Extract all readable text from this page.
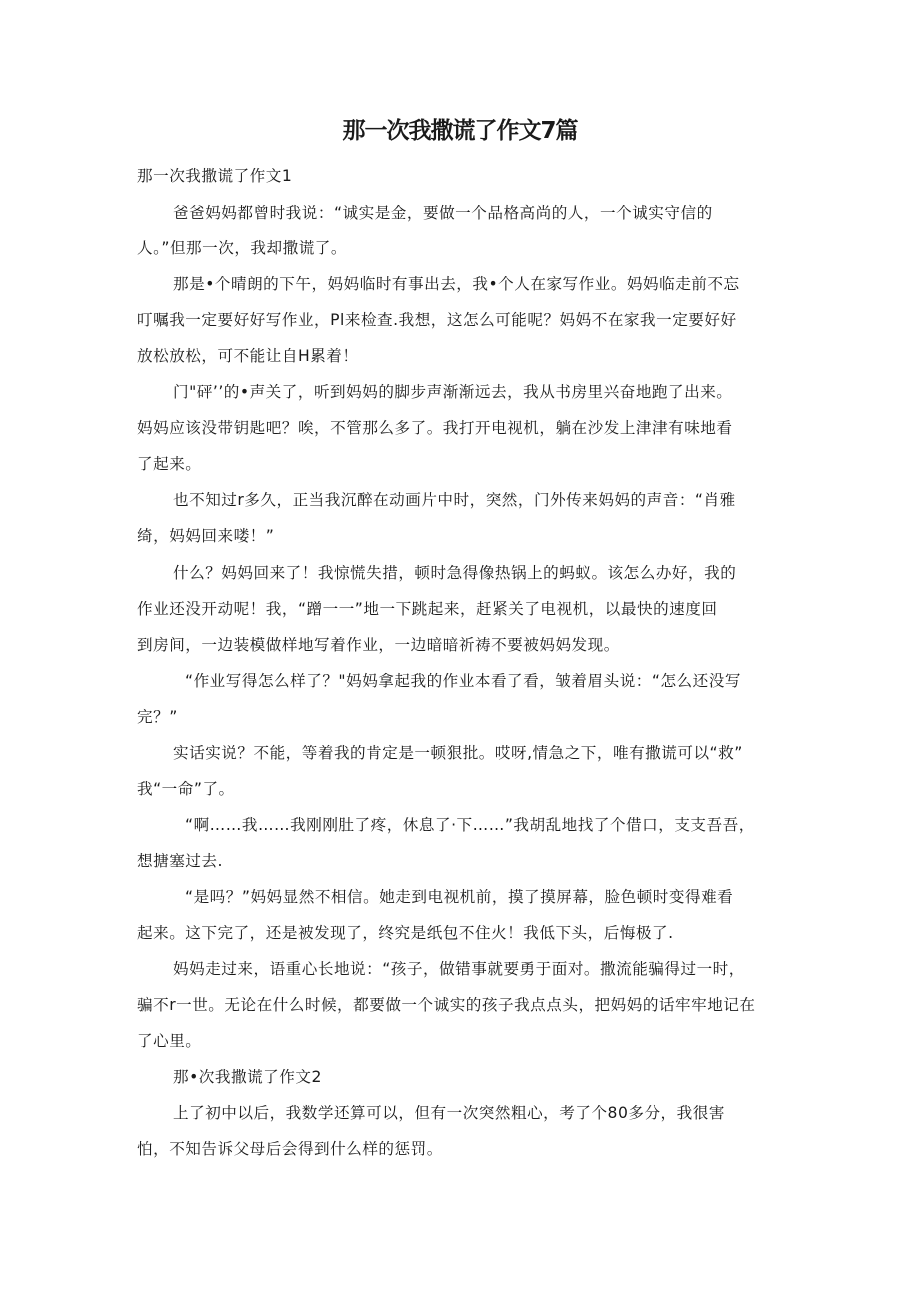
那一次我撒谎了作文7篇
那一次我撒谎了作文1
爸爸妈妈都曾时我说：“诚实是金，要做一个品格高尚的人，一个诚实守信的
人。”但那一次，我却撒谎了。
那是•个晴朗的下午，妈妈临时有事出去，我•个人在家写作业。妈妈临走前不忘
叮嘱我一定要好好写作业，Pl来检查.我想，这怎么可能呢？妈妈不在家我一定要好好
放松放松，可不能让自H累着！
门"砰’’的•声关了，听到妈妈的脚步声渐渐远去，我从书房里兴奋地跑了出来。
妈妈应该没带钥匙吧？唉，不管那么多了。我打开电视机，躺在沙发上津津有味地看
了起来。
也不知过r多久，正当我沉醉在动画片中时，突然，门外传来妈妈的声音：“肖雅
绮，妈妈回来喽！”
什么？妈妈回来了！我惊慌失措，顿时急得像热锅上的蚂蚁。该怎么办好，我的
作业还没开动呢！我，“蹭一一”地一下跳起来，赶紧关了电视机，以最快的速度回
到房间，一边装模做样地写着作业，一边暗暗祈祷不要被妈妈发现。
“作业写得怎么样了？"妈妈拿起我的作业本看了看，皱着眉头说：“怎么还没写
完？”
实话实说？不能，等着我的肯定是一顿狠批。哎呀,情急之下，唯有撒谎可以“救”
我“一命”了。
“啊……我……我刚刚肚了疼，休息了·下……”我胡乱地找了个借口，支支吾吾，
想搪塞过去.
“是吗？”妈妈显然不相信。她走到电视机前，摸了摸屏幕，脸色顿时变得难看
起来。这下完了，还是被发现了，终究是纸包不住火！我低下头，后悔极了.
妈妈走过来，语重心长地说：“孩子，做错事就要勇于面对。撒流能骗得过一时，
骗不r一世。无论在什么时候，都要做一个诚实的孩子我点点头，把妈妈的话牢牢地记在
了心里。
那•次我撒谎了作文2
上了初中以后，我数学还算可以，但有一次突然粗心，考了个80多分，我很害
怕，不知告诉父母后会得到什么样的惩罚。
